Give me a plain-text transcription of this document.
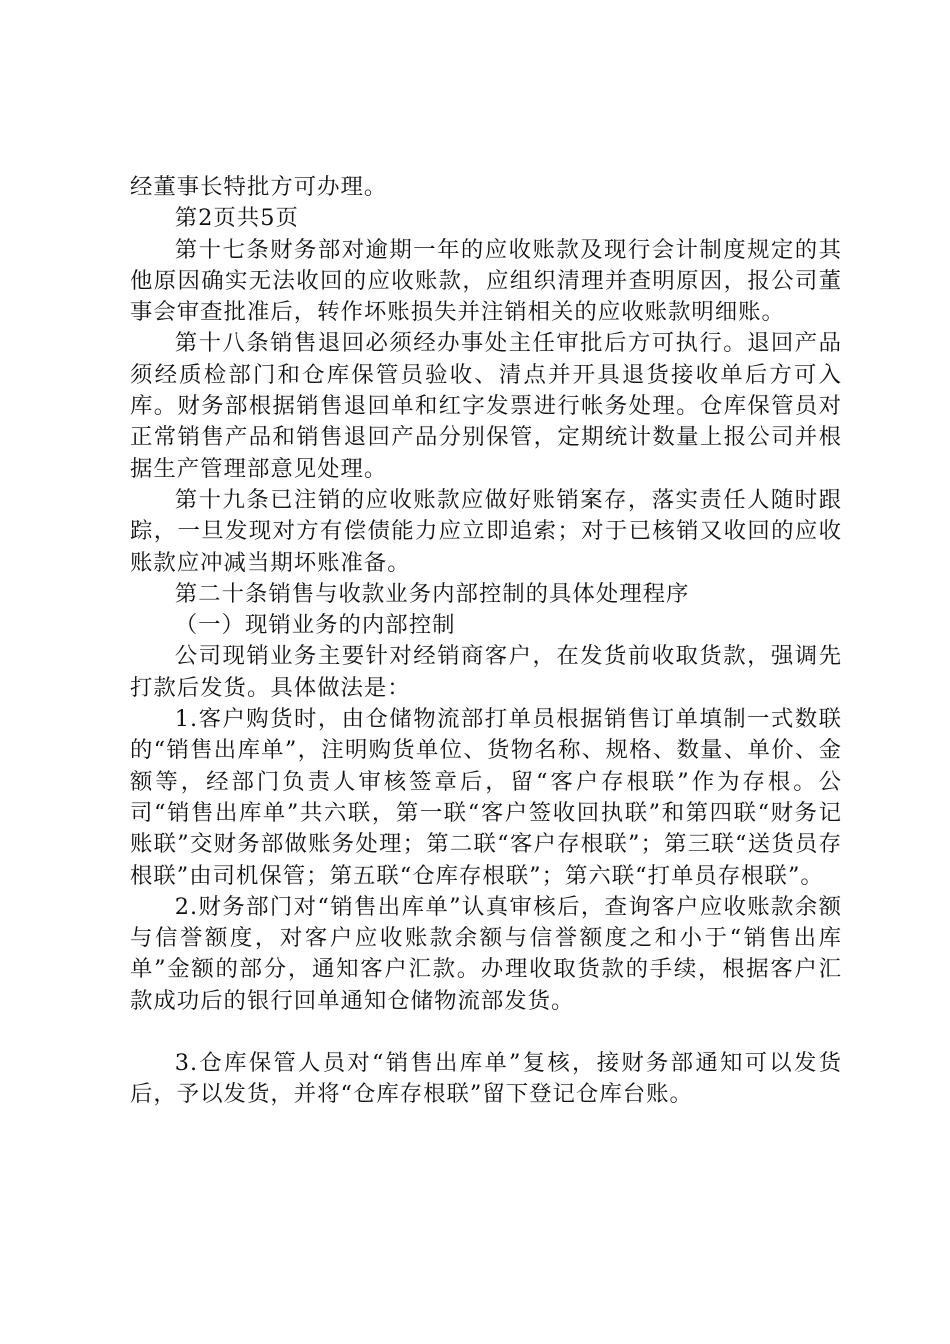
经董事长特批方可办理。

第2页共5页

第十七条财务部对逾期一年的应收账款及现行会计制度规定的其他原因确实无法收回的应收账款，应组织清理并查明原因，报公司董事会审查批准后，转作坏账损失并注销相关的应收账款明细账。

第十八条销售退回必须经办事处主任审批后方可执行。退回产品须经质检部门和仓库保管员验收、清点并开具退货接收单后方可入库。财务部根据销售退回单和红字发票进行帐务处理。仓库保管员对正常销售产品和销售退回产品分别保管，定期统计数量上报公司并根据生产管理部意见处理。

第十九条已注销的应收账款应做好账销案存，落实责任人随时跟踪，一旦发现对方有偿债能力应立即追索；对于已核销又收回的应收账款应冲减当期坏账准备。

第二十条销售与收款业务内部控制的具体处理程序

（一）现销业务的内部控制

公司现销业务主要针对经销商客户，在发货前收取货款，强调先打款后发货。具体做法是：

1.客户购货时，由仓储物流部打单员根据销售订单填制一式数联的“销售出库单”，注明购货单位、货物名称、规格、数量、单价、金额等，经部门负责人审核签章后，留“客户存根联”作为存根。公司“销售出库单”共六联，第一联“客户签收回执联”和第四联“财务记账联”交财务部做账务处理；第二联“客户存根联”；第三联“送货员存根联”由司机保管；第五联“仓库存根联”；第六联“打单员存根联”。

2.财务部门对“销售出库单”认真审核后，查询客户应收账款余额与信誉额度，对客户应收账款余额与信誉额度之和小于“销售出库单”金额的部分，通知客户汇款。办理收取货款的手续，根据客户汇款成功后的银行回单通知仓储物流部发货。

3.仓库保管人员对“销售出库单”复核，接财务部通知可以发货后，予以发货，并将“仓库存根联”留下登记仓库台账。
